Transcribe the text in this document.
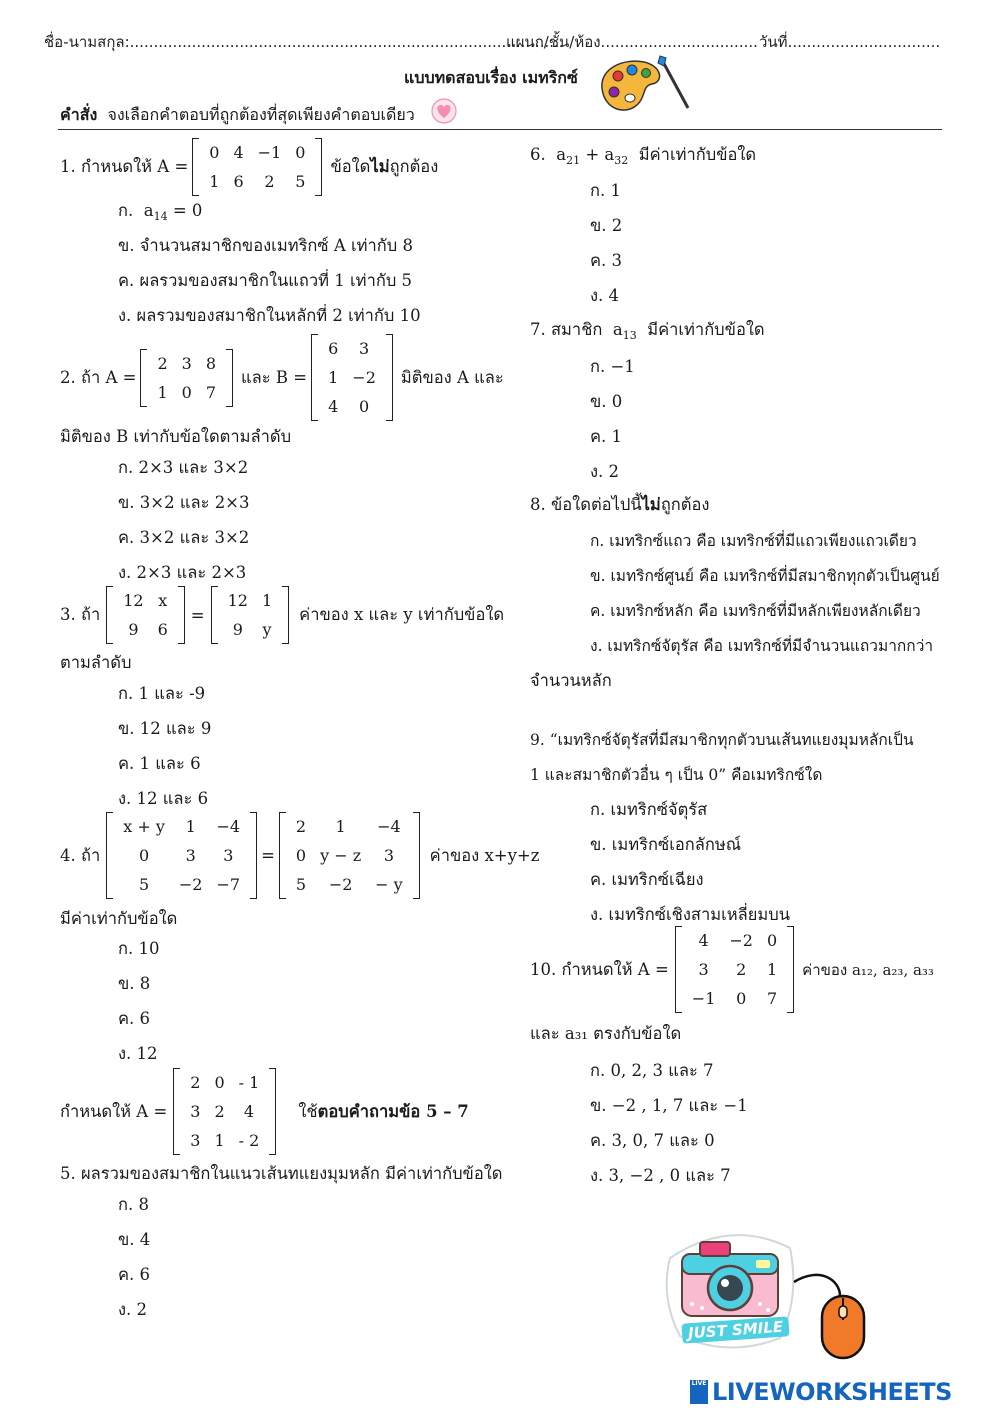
ชื่อ-นามสกุล:...........................................................................................
แผนก/ชั้น/ห้อง................................. วันที่................................
แบบทดสอบเรื่อง เมทริกซ์
คำสั่ง จงเลือกคำตอบที่ถูกต้องที่สุดเพียงคำตอบเดียว
1. กำหนดให้ A =
0	4	−1	0
1	6	2	5
ข้อใดไม่ถูกต้อง
ก. $a_{14} = 0$
ข. จำนวนสมาชิกของเมทริกซ์ A เท่ากับ 8
ค. ผลรวมของสมาชิกในแถวที่ 1 เท่ากับ 5
ง. ผลรวมของสมาชิกในหลักที่ 2 เท่ากับ 10
2. ถ้า A =
2	3	8
1	0	7
และ B =
6	3
1	−2
4	0
มิติของ A และ
มิติของ B เท่ากับข้อใดตามลำดับ
ก. 2×3 และ 3×2
ข. 3×2 และ 2×3
ค. 3×2 และ 3×2
ง. 2×3 และ 2×3
3. ถ้า
12	x
9	6
=
12	1
9	y
ค่าของ x และ y เท่ากับข้อใด
ตามลำดับ
ก. 1 และ -9
ข. 12 และ 9
ค. 1 และ 6
ง. 12 และ 6
4. ถ้า
x + y	1	−4
0	3	3
5	−2	−7
=
2	1	−4
0	y − z	3
5	−2	− y
ค่าของ x+y+z
มีค่าเท่ากับข้อใด
ก. 10
ข. 8
ค. 6
ง. 12
กำหนดให้ A =
2	0	- 1
3	2	4
3	1	- 2
ใช้ตอบคำถามข้อ 5 – 7
5. ผลรวมของสมาชิกในแนวเส้นทแยงมุมหลัก มีค่าเท่ากับข้อใด
ก. 8
ข. 4
ค. 6
ง. 2
6. $a_{21} + a_{32}$ มีค่าเท่ากับข้อใด
ก. 1
ข. 2
ค. 3
ง. 4
7. สมาชิก $a_{13}$ มีค่าเท่ากับข้อใด
ก. −1
ข. 0
ค. 1
ง. 2
8. ข้อใดต่อไปนี้ไม่ถูกต้อง
ก. เมทริกซ์แถว คือ เมทริกซ์ที่มีแถวเพียงแถวเดียว
ข. เมทริกซ์ศูนย์ คือ เมทริกซ์ที่มีสมาชิกทุกตัวเป็นศูนย์
ค. เมทริกซ์หลัก คือ เมทริกซ์ที่มีหลักเพียงหลักเดียว
ง. เมทริกซ์จัตุรัส คือ เมทริกซ์ที่มีจำนวนแถวมากกว่า
จำนวนหลัก
9. “เมทริกซ์จัตุรัสที่มีสมาชิกทุกตัวบนเส้นทแยงมุมหลักเป็น
1 และสมาชิกตัวอื่น ๆ เป็น 0” คือเมทริกซ์ใด
ก. เมทริกซ์จัตุรัส
ข. เมทริกซ์เอกลักษณ์
ค. เมทริกซ์เฉียง
ง. เมทริกซ์เชิงสามเหลี่ยมบน
10. กำหนดให้ A =
4	−2	0
3	2	1
−1	0	7
ค่าของ a₁₂, a₂₃, a₃₃
และ a₃₁ ตรงกับข้อใด
ก. 0, 2, 3 และ 7
ข. −2 , 1, 7 และ −1
ค. 3, 0, 7 และ 0
ง. 3, −2 , 0 และ 7
JUST SMILE
LIVE LIVEWORKSHEETS
